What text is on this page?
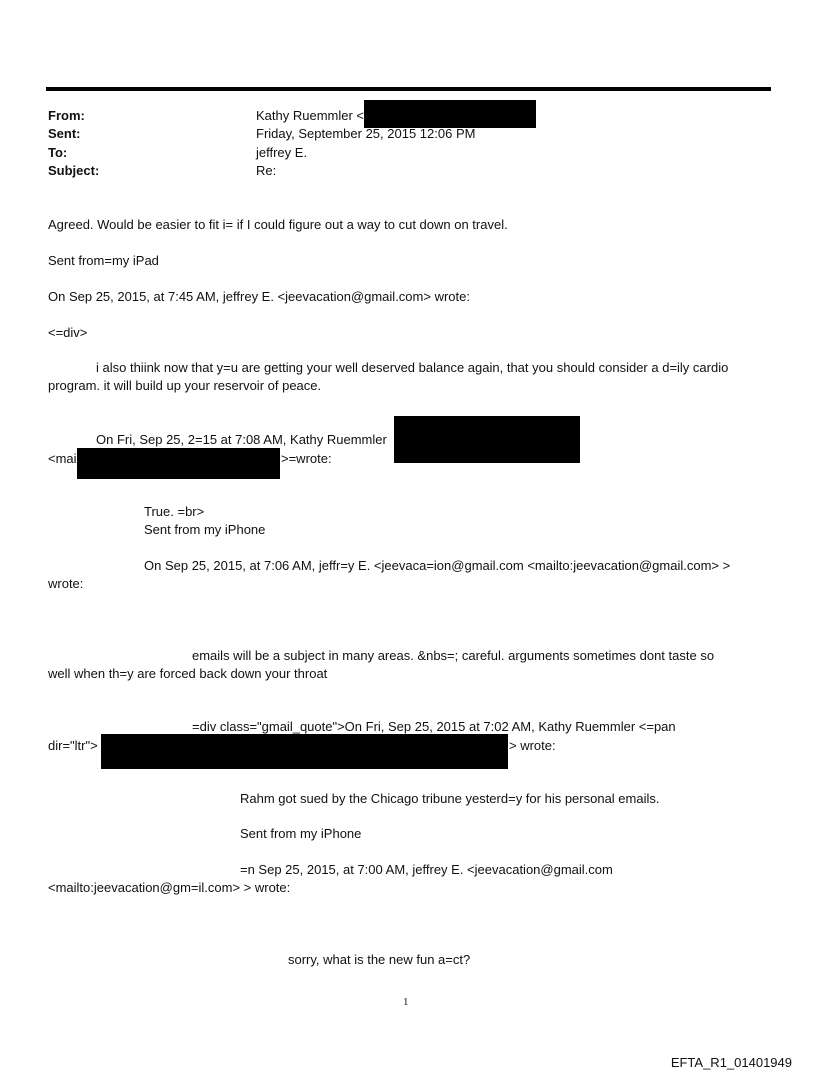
From:	Kathy Ruemmler <
Sent:	Friday, September 25, 2015 12:06 PM
To:	jeffrey E.
Subject:	Re:
Agreed. Would be easier to fit i= if I could figure out a way to cut down on travel.
Sent from=my iPad
On Sep 25, 2015, at 7:45 AM, jeffrey E. <jeevacation@gmail.com> wrote:
<=div>
i also thiink now that y=u are getting your well deserved balance again, that you should consider a d=ily cardio
program. it will build up your reservoir of peace.
On Fri, Sep 25, 2=15 at 7:08 AM, Kathy Ruemmler
<mai	>=wrote:
True. =br>
Sent from my iPhone
On Sep 25, 2015, at 7:06 AM, jeffr=y E. <jeevaca=ion@gmail.com <mailto:jeevacation@gmail.com> >
wrote:
emails will be a subject in many areas. &nbs=; careful. arguments sometimes dont taste so
well when th=y are forced back down your throat
=div class="gmail_quote">On Fri, Sep 25, 2015 at 7:02 AM, Kathy Ruemmler <=pan
dir="ltr">	> wrote:
Rahm got sued by the Chicago tribune yesterd=y for his personal emails.
Sent from my iPhone
=n Sep 25, 2015, at 7:00 AM, jeffrey E. <jeevacation@gmail.com
<mailto:jeevacation@gm=il.com> > wrote:
sorry, what is the new fun a=ct?
1
EFTA_R1_01401949
